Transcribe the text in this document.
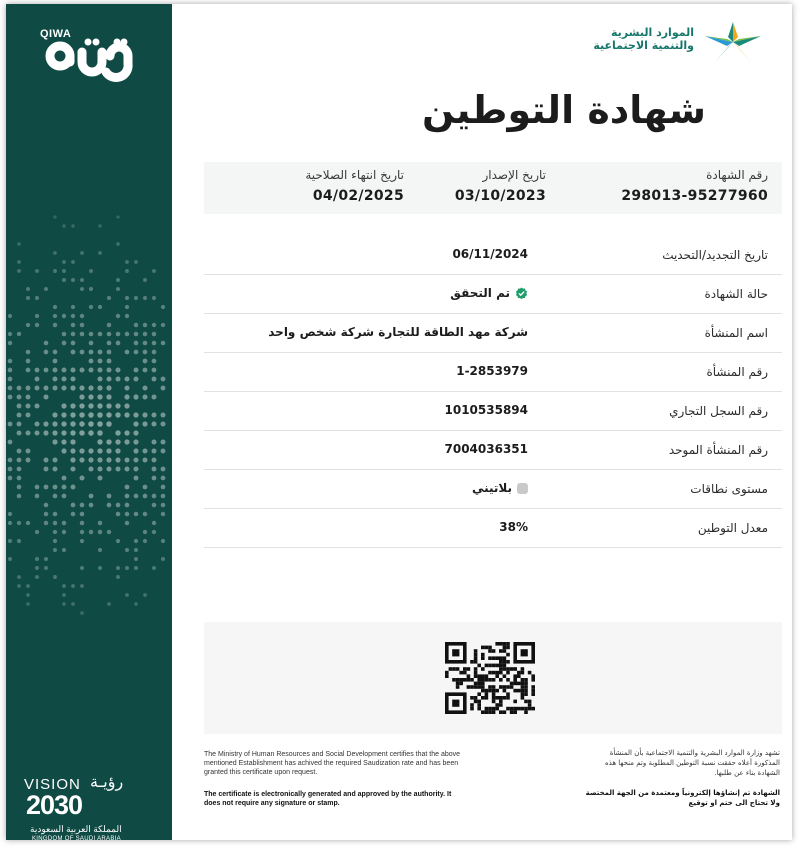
QIWA
VISION رؤيـة
2030
المملكة العربية السعودية
KINGDOM OF SAUDI ARABIA
الموارد البشرية
والتنمية الاجتماعية
شهادة التوطين
رقم الشهادة
298013-95277960
تاريخ الإصدار
03/10/2023
تاريخ انتهاء الصلاحية
04/02/2025
تاريخ التجديد/التحديث
06/11/2024
حالة الشهادة
تم التحقق
اسم المنشأة
شركة مهد الطاقة للتجارة شركة شخص واحد
رقم المنشأة
1-2853979
رقم السجل التجاري
1010535894
رقم المنشأة الموحد
7004036351
مستوى نطاقات
بلاتيني
معدل التوطين
38%
The Ministry of Human Resources and Social Development certifies that the above mentioned Establishment has achived the required Saudization rate and has been granted this certificate upon request.
The certificate is electronically generated and approved by the authority. It does not require any signature or stamp.
تشهد وزارة الموارد البشرية والتنمية الاجتماعية بأن المنشأة المذكورة أعلاه حققت نسبة التوطين المطلوبة وتم منحها هذه الشهادة بناء عن طلبها.
الشهادة تم إنشاؤها إلكترونياً ومعتمدة من الجهة المختصة ولا تحتاج الى ختم او توقيع
